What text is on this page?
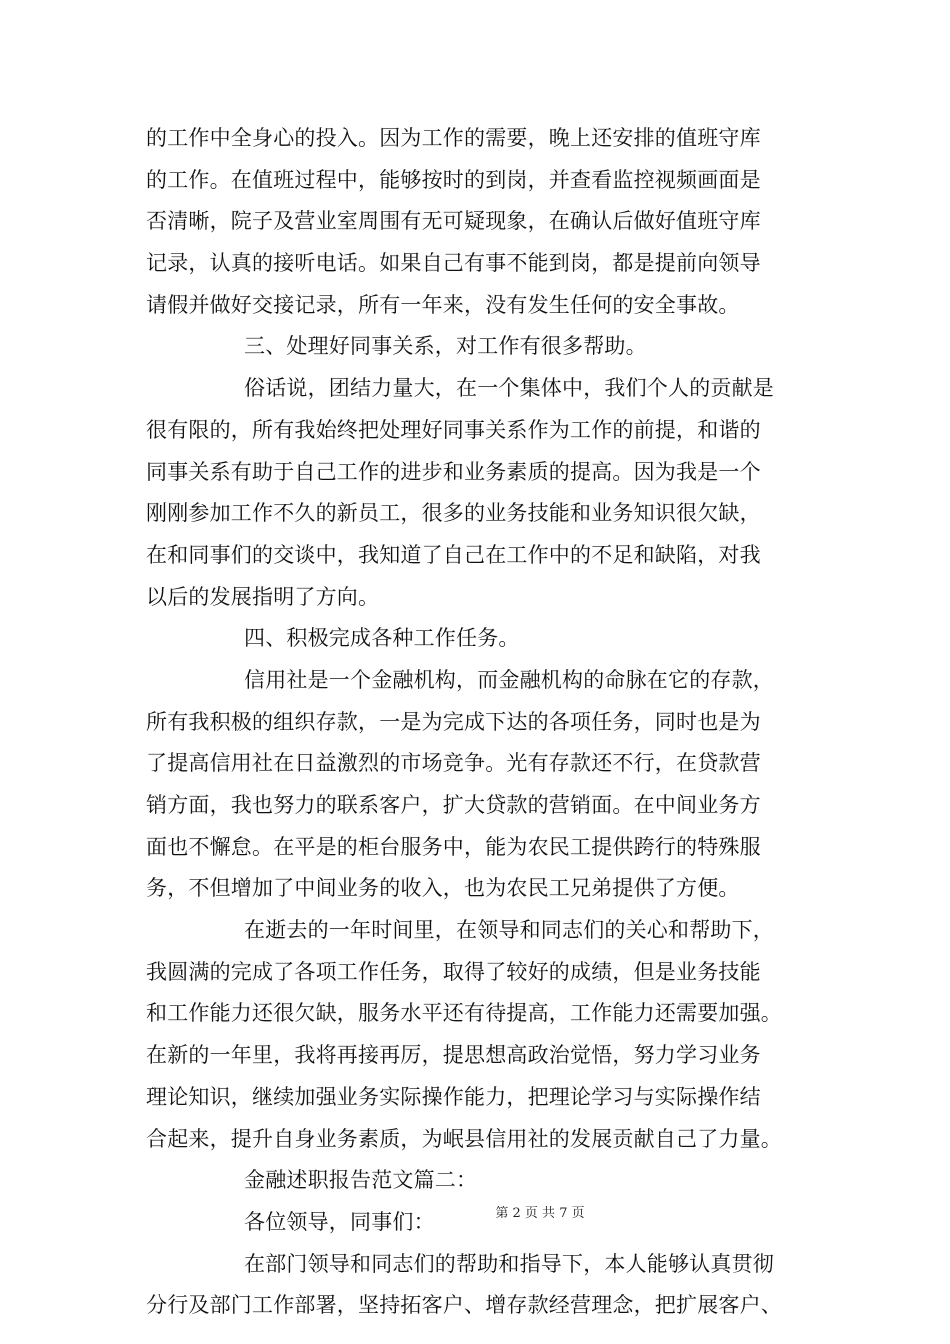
的工作中全身心的投入。因为工作的需要，晚上还安排的值班守库
的工作。在值班过程中，能够按时的到岗，并查看监控视频画面是
否清晰，院子及营业室周围有无可疑现象，在确认后做好值班守库
记录，认真的接听电话。如果自己有事不能到岗，都是提前向领导
请假并做好交接记录，所有一年来，没有发生任何的安全事故。
三、处理好同事关系，对工作有很多帮助。
俗话说，团结力量大，在一个集体中，我们个人的贡献是
很有限的，所有我始终把处理好同事关系作为工作的前提，和谐的
同事关系有助于自己工作的进步和业务素质的提高。因为我是一个
刚刚参加工作不久的新员工，很多的业务技能和业务知识很欠缺，
在和同事们的交谈中，我知道了自己在工作中的不足和缺陷，对我
以后的发展指明了方向。
四、积极完成各种工作任务。
信用社是一个金融机构，而金融机构的命脉在它的存款，
所有我积极的组织存款，一是为完成下达的各项任务，同时也是为
了提高信用社在日益激烈的市场竞争。光有存款还不行，在贷款营
销方面，我也努力的联系客户，扩大贷款的营销面。在中间业务方
面也不懈怠。在平是的柜台服务中，能为农民工提供跨行的特殊服
务，不但增加了中间业务的收入，也为农民工兄弟提供了方便。
在逝去的一年时间里，在领导和同志们的关心和帮助下，
我圆满的完成了各项工作任务，取得了较好的成绩，但是业务技能
和工作能力还很欠缺，服务水平还有待提高，工作能力还需要加强。
在新的一年里，我将再接再厉，提思想高政治觉悟，努力学习业务
理论知识，继续加强业务实际操作能力，把理论学习与实际操作结
合起来，提升自身业务素质，为岷县信用社的发展贡献自己了力量。
金融述职报告范文篇二：
各位领导，同事们：
在部门领导和同志们的帮助和指导下，本人能够认真贯彻
分行及部门工作部署，坚持拓客户、增存款经营理念，把扩展客户、
第 2 页 共 7 页
